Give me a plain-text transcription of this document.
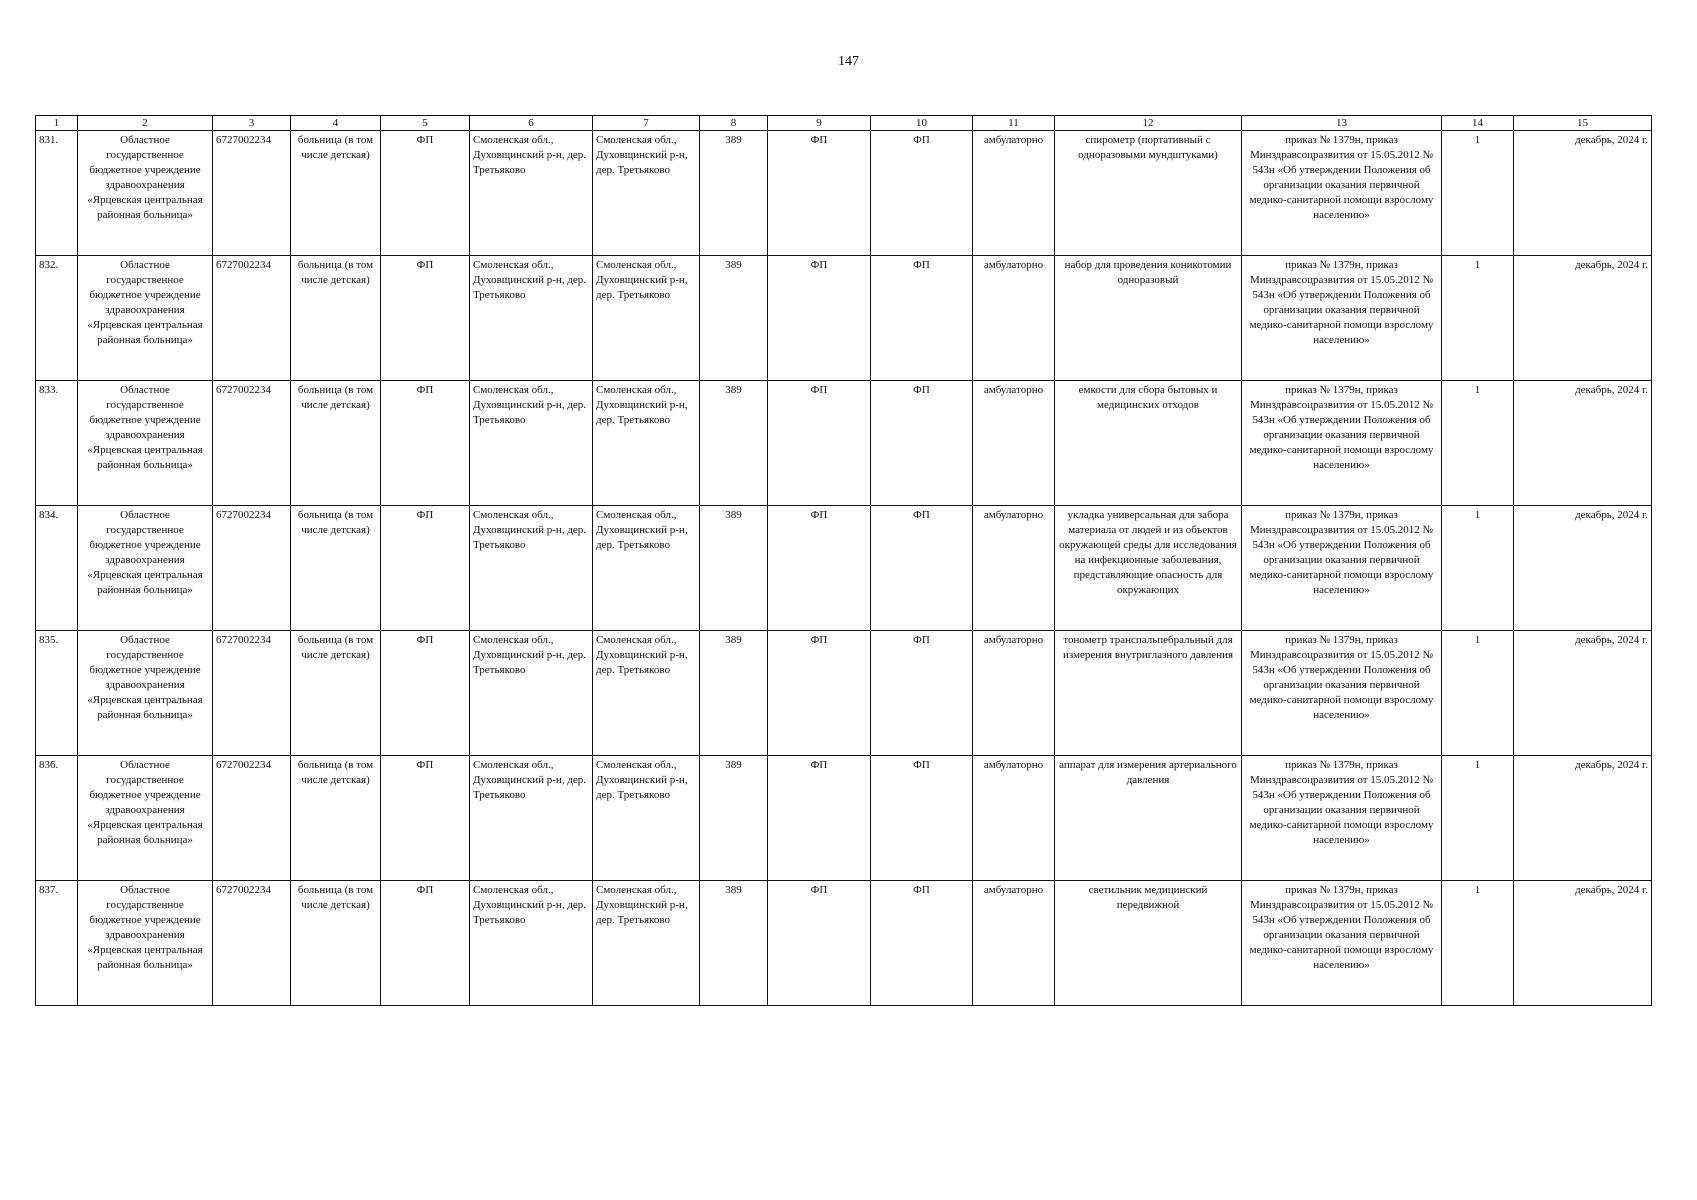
147
1	2	3	4	5	6	7	8	9	10	11	12	13	14	15
831.	Областное государственное бюджетное учреждение здравоохранения «Ярцевская центральная районная больница»	6727002234	больница (в том числе детская)	ФП	Смоленская обл., Духовщинский р-н, дер. Третьяково	Смоленская обл., Духовщинский р-н, дер. Третьяково	389	ФП	ФП	амбулаторно	спирометр (портативный с одноразовыми мундштуками)	приказ № 1379н, приказ Минздравсоцразвития от 15.05.2012 № 543н «Об утверждении Положения об организации оказания первичной медико-санитарной помощи взрослому населению»	1	декабрь, 2024 г.
832.	Областное государственное бюджетное учреждение здравоохранения «Ярцевская центральная районная больница»	6727002234	больница (в том числе детская)	ФП	Смоленская обл., Духовщинский р-н, дер. Третьяково	Смоленская обл., Духовщинский р-н, дер. Третьяково	389	ФП	ФП	амбулаторно	набор для проведения коникотомии одноразовый	приказ № 1379н, приказ Минздравсоцразвития от 15.05.2012 № 543н «Об утверждении Положения об организации оказания первичной медико-санитарной помощи взрослому населению»	1	декабрь, 2024 г.
833.	Областное государственное бюджетное учреждение здравоохранения «Ярцевская центральная районная больница»	6727002234	больница (в том числе детская)	ФП	Смоленская обл., Духовщинский р-н, дер. Третьяково	Смоленская обл., Духовщинский р-н, дер. Третьяково	389	ФП	ФП	амбулаторно	емкости для сбора бытовых и медицинских отходов	приказ № 1379н, приказ Минздравсоцразвития от 15.05.2012 № 543н «Об утверждении Положения об организации оказания первичной медико-санитарной помощи взрослому населению»	1	декабрь, 2024 г.
834.	Областное государственное бюджетное учреждение здравоохранения «Ярцевская центральная районная больница»	6727002234	больница (в том числе детская)	ФП	Смоленская обл., Духовщинский р-н, дер. Третьяково	Смоленская обл., Духовщинский р-н, дер. Третьяково	389	ФП	ФП	амбулаторно	укладка универсальная для забора материала от людей и из объектов окружающей среды для исследования на инфекционные заболевания, представляющие опасность для окружающих	приказ № 1379н, приказ Минздравсоцразвития от 15.05.2012 № 543н «Об утверждении Положения об организации оказания первичной медико-санитарной помощи взрослому населению»	1	декабрь, 2024 г.
835.	Областное государственное бюджетное учреждение здравоохранения «Ярцевская центральная районная больница»	6727002234	больница (в том числе детская)	ФП	Смоленская обл., Духовщинский р-н, дер. Третьяково	Смоленская обл., Духовщинский р-н, дер. Третьяково	389	ФП	ФП	амбулаторно	тонометр транспальпебральный для измерения внутриглазного давления	приказ № 1379н, приказ Минздравсоцразвития от 15.05.2012 № 543н «Об утверждении Положения об организации оказания первичной медико-санитарной помощи взрослому населению»	1	декабрь, 2024 г.
836.	Областное государственное бюджетное учреждение здравоохранения «Ярцевская центральная районная больница»	6727002234	больница (в том числе детская)	ФП	Смоленская обл., Духовщинский р-н, дер. Третьяково	Смоленская обл., Духовщинский р-н, дер. Третьяково	389	ФП	ФП	амбулаторно	аппарат для измерения артериального давления	приказ № 1379н, приказ Минздравсоцразвития от 15.05.2012 № 543н «Об утверждении Положения об организации оказания первичной медико-санитарной помощи взрослому населению»	1	декабрь, 2024 г.
837.	Областное государственное бюджетное учреждение здравоохранения «Ярцевская центральная районная больница»	6727002234	больница (в том числе детская)	ФП	Смоленская обл., Духовщинский р-н, дер. Третьяково	Смоленская обл., Духовщинский р-н, дер. Третьяково	389	ФП	ФП	амбулаторно	светильник медицинский передвижной	приказ № 1379н, приказ Минздравсоцразвития от 15.05.2012 № 543н «Об утверждении Положения об организации оказания первичной медико-санитарной помощи взрослому населению»	1	декабрь, 2024 г.
